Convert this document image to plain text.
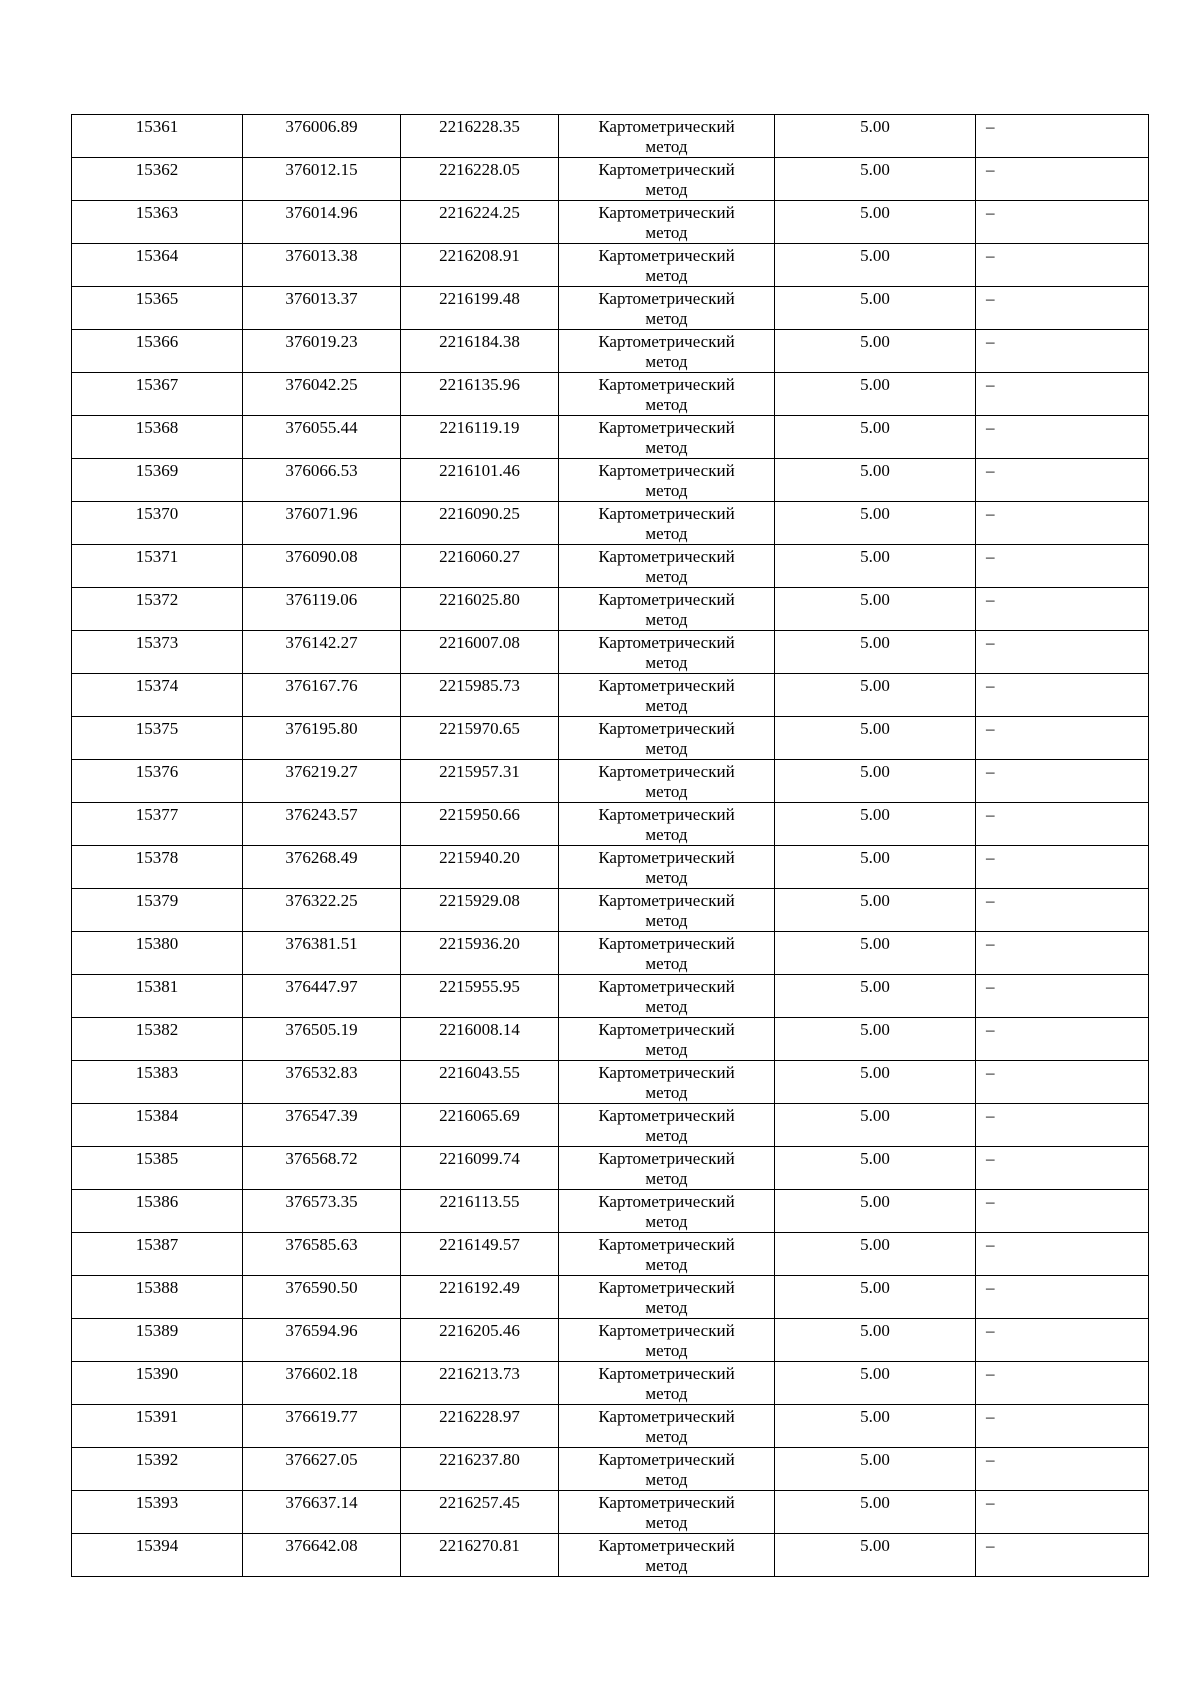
15361	376006.89	2216228.35	Картометрический
метод	5.00	–
15362	376012.15	2216228.05	Картометрический
метод	5.00	–
15363	376014.96	2216224.25	Картометрический
метод	5.00	–
15364	376013.38	2216208.91	Картометрический
метод	5.00	–
15365	376013.37	2216199.48	Картометрический
метод	5.00	–
15366	376019.23	2216184.38	Картометрический
метод	5.00	–
15367	376042.25	2216135.96	Картометрический
метод	5.00	–
15368	376055.44	2216119.19	Картометрический
метод	5.00	–
15369	376066.53	2216101.46	Картометрический
метод	5.00	–
15370	376071.96	2216090.25	Картометрический
метод	5.00	–
15371	376090.08	2216060.27	Картометрический
метод	5.00	–
15372	376119.06	2216025.80	Картометрический
метод	5.00	–
15373	376142.27	2216007.08	Картометрический
метод	5.00	–
15374	376167.76	2215985.73	Картометрический
метод	5.00	–
15375	376195.80	2215970.65	Картометрический
метод	5.00	–
15376	376219.27	2215957.31	Картометрический
метод	5.00	–
15377	376243.57	2215950.66	Картометрический
метод	5.00	–
15378	376268.49	2215940.20	Картометрический
метод	5.00	–
15379	376322.25	2215929.08	Картометрический
метод	5.00	–
15380	376381.51	2215936.20	Картометрический
метод	5.00	–
15381	376447.97	2215955.95	Картометрический
метод	5.00	–
15382	376505.19	2216008.14	Картометрический
метод	5.00	–
15383	376532.83	2216043.55	Картометрический
метод	5.00	–
15384	376547.39	2216065.69	Картометрический
метод	5.00	–
15385	376568.72	2216099.74	Картометрический
метод	5.00	–
15386	376573.35	2216113.55	Картометрический
метод	5.00	–
15387	376585.63	2216149.57	Картометрический
метод	5.00	–
15388	376590.50	2216192.49	Картометрический
метод	5.00	–
15389	376594.96	2216205.46	Картометрический
метод	5.00	–
15390	376602.18	2216213.73	Картометрический
метод	5.00	–
15391	376619.77	2216228.97	Картометрический
метод	5.00	–
15392	376627.05	2216237.80	Картометрический
метод	5.00	–
15393	376637.14	2216257.45	Картометрический
метод	5.00	–
15394	376642.08	2216270.81	Картометрический
метод	5.00	–
